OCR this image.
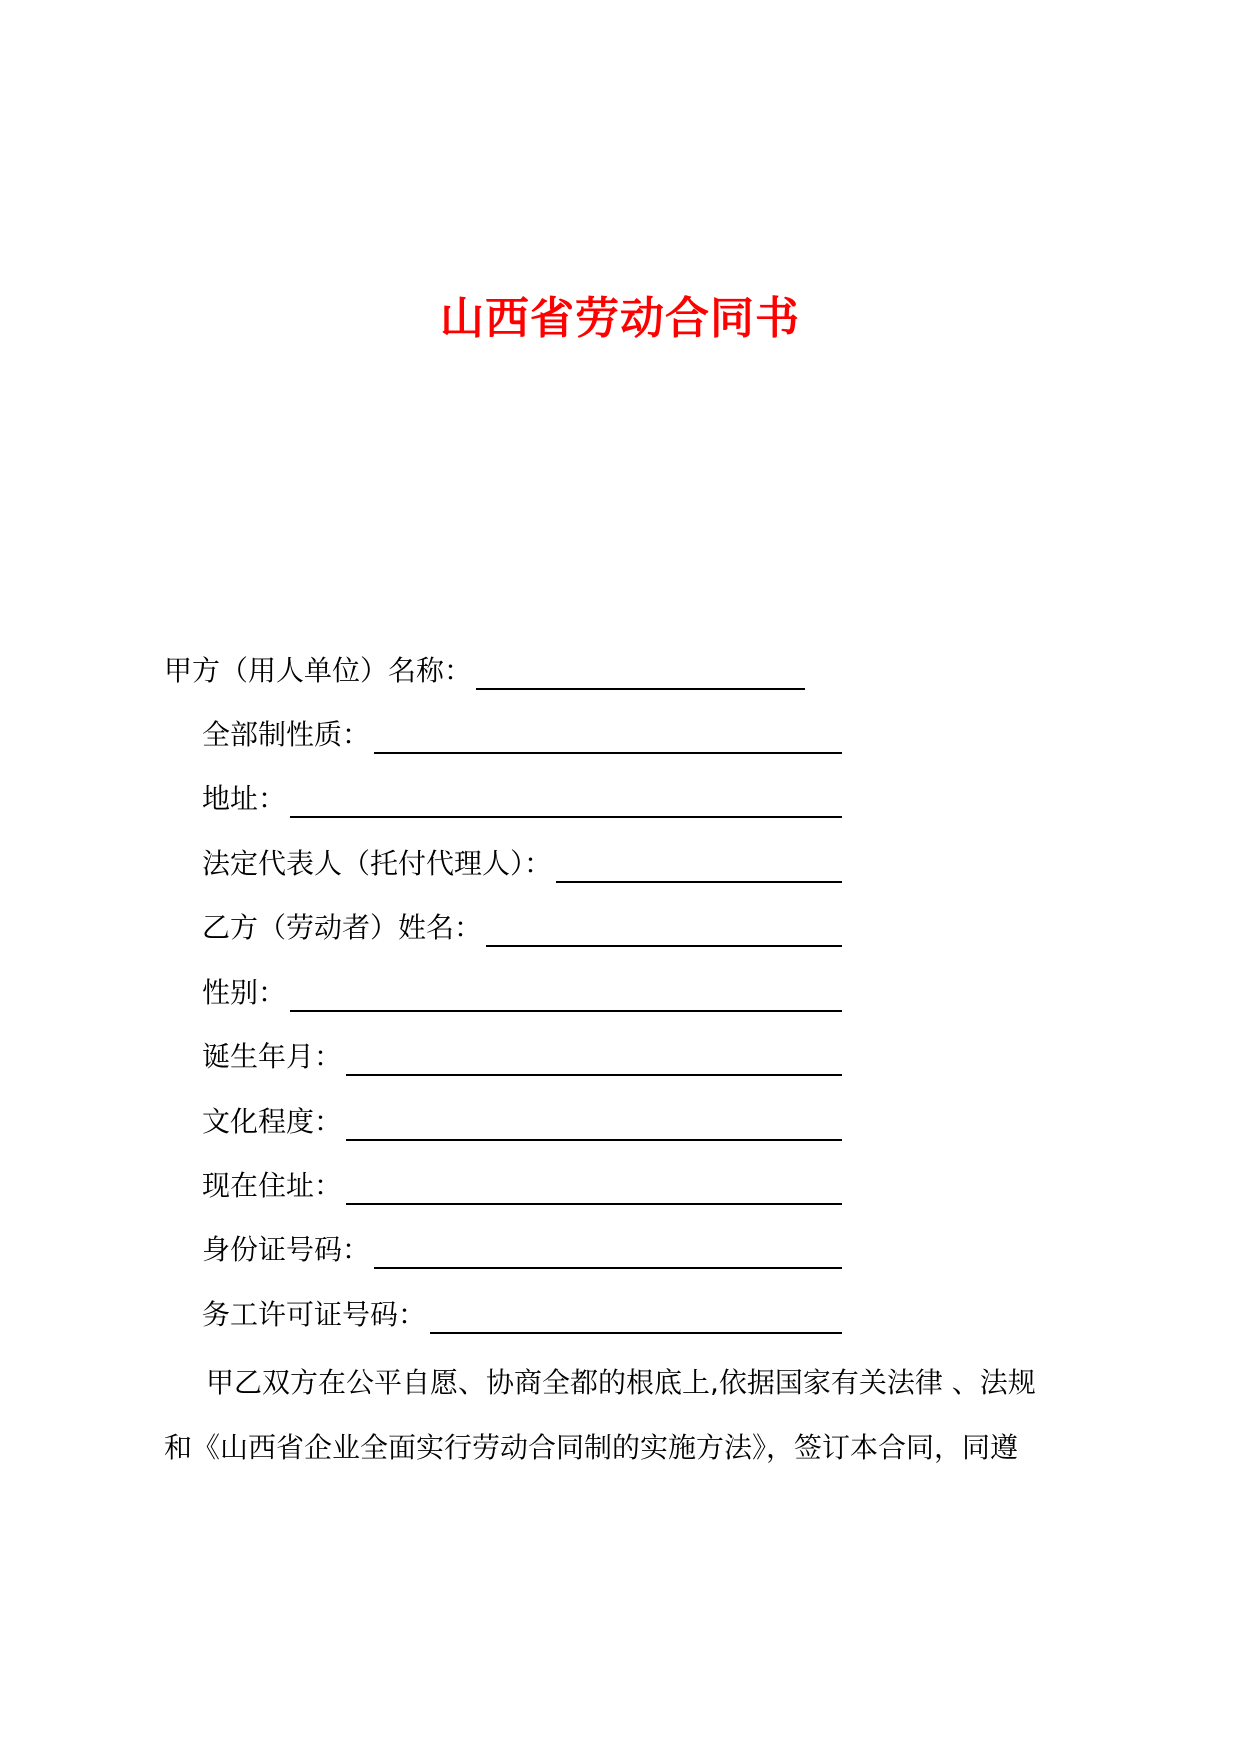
山西省劳动合同书
甲方（用人单位）名称：
全部制性质：
地址：
法定代表人（托付代理人）：
乙方（劳动者）姓名：
性别：
诞生年月：
文化程度：
现在住址：
身份证号码：
务工许可证号码：
甲乙双方在公平自愿、协商全都的根底上,依据国家有关法律 、法规
和《山西省企业全面实行劳动合同制的实施方法》，签订本合同，同遵
